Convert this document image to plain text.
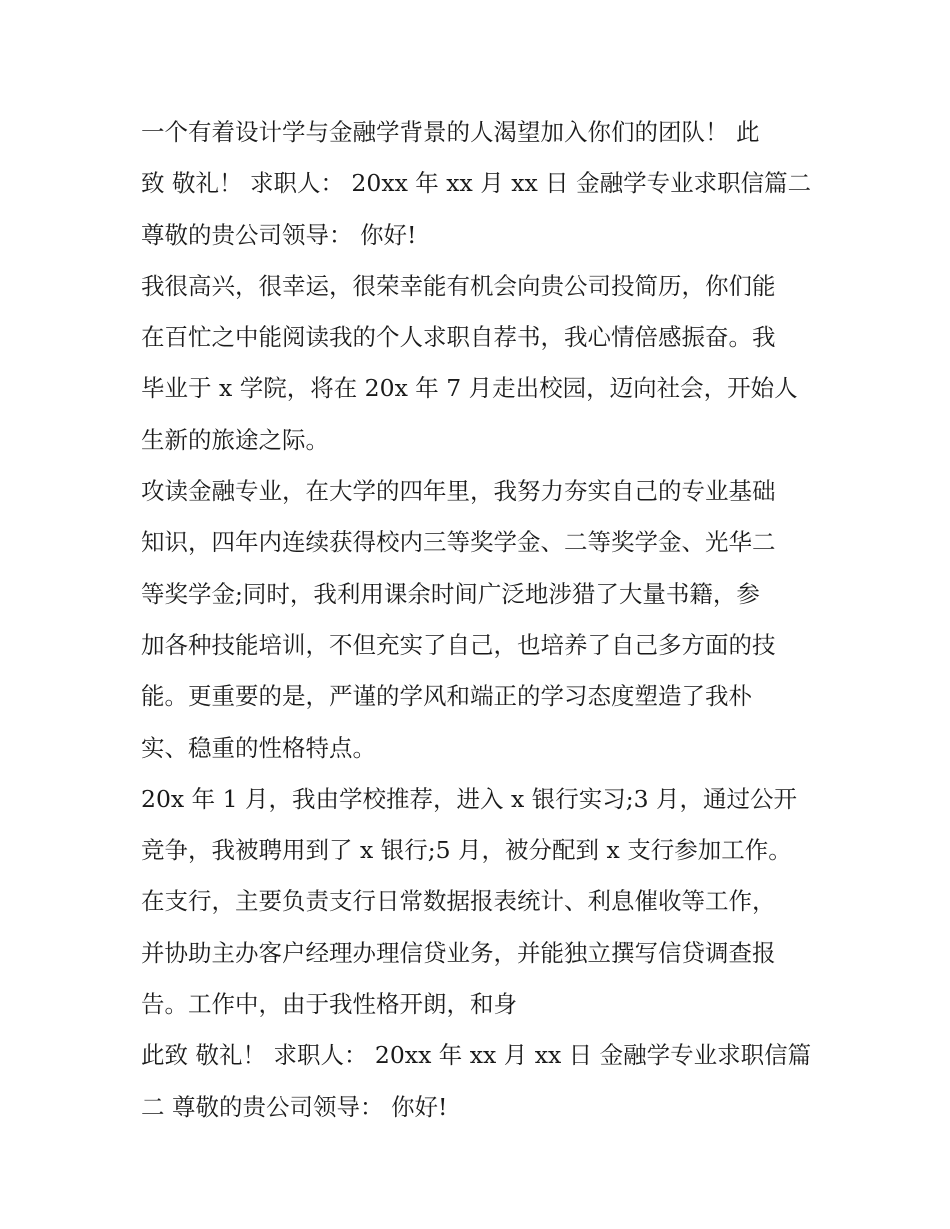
一个有着设计学与金融学背景的人渴望加入你们的团队！ 此
致 敬礼！ 求职人： 20xx 年 xx 月 xx 日 金融学专业求职信篇二
尊敬的贵公司领导： 你好!
我很高兴，很幸运，很荣幸能有机会向贵公司投简历，你们能
在百忙之中能阅读我的个人求职自荐书，我心情倍感振奋。我
毕业于 x 学院，将在 20x 年 7 月走出校园，迈向社会，开始人
生新的旅途之际。
攻读金融专业，在大学的四年里，我努力夯实自己的专业基础
知识，四年内连续获得校内三等奖学金、二等奖学金、光华二
等奖学金;同时，我利用课余时间广泛地涉猎了大量书籍，参
加各种技能培训，不但充实了自己，也培养了自己多方面的技
能。更重要的是，严谨的学风和端正的学习态度塑造了我朴
实、稳重的性格特点。
20x 年 1 月，我由学校推荐，进入 x 银行实习;3 月，通过公开
竞争，我被聘用到了 x 银行;5 月，被分配到 x 支行参加工作。
在支行，主要负责支行日常数据报表统计、利息催收等工作，
并协助主办客户经理办理信贷业务，并能独立撰写信贷调查报
告。工作中，由于我性格开朗，和身
此致 敬礼！ 求职人： 20xx 年 xx 月 xx 日 金融学专业求职信篇
二 尊敬的贵公司领导： 你好!
